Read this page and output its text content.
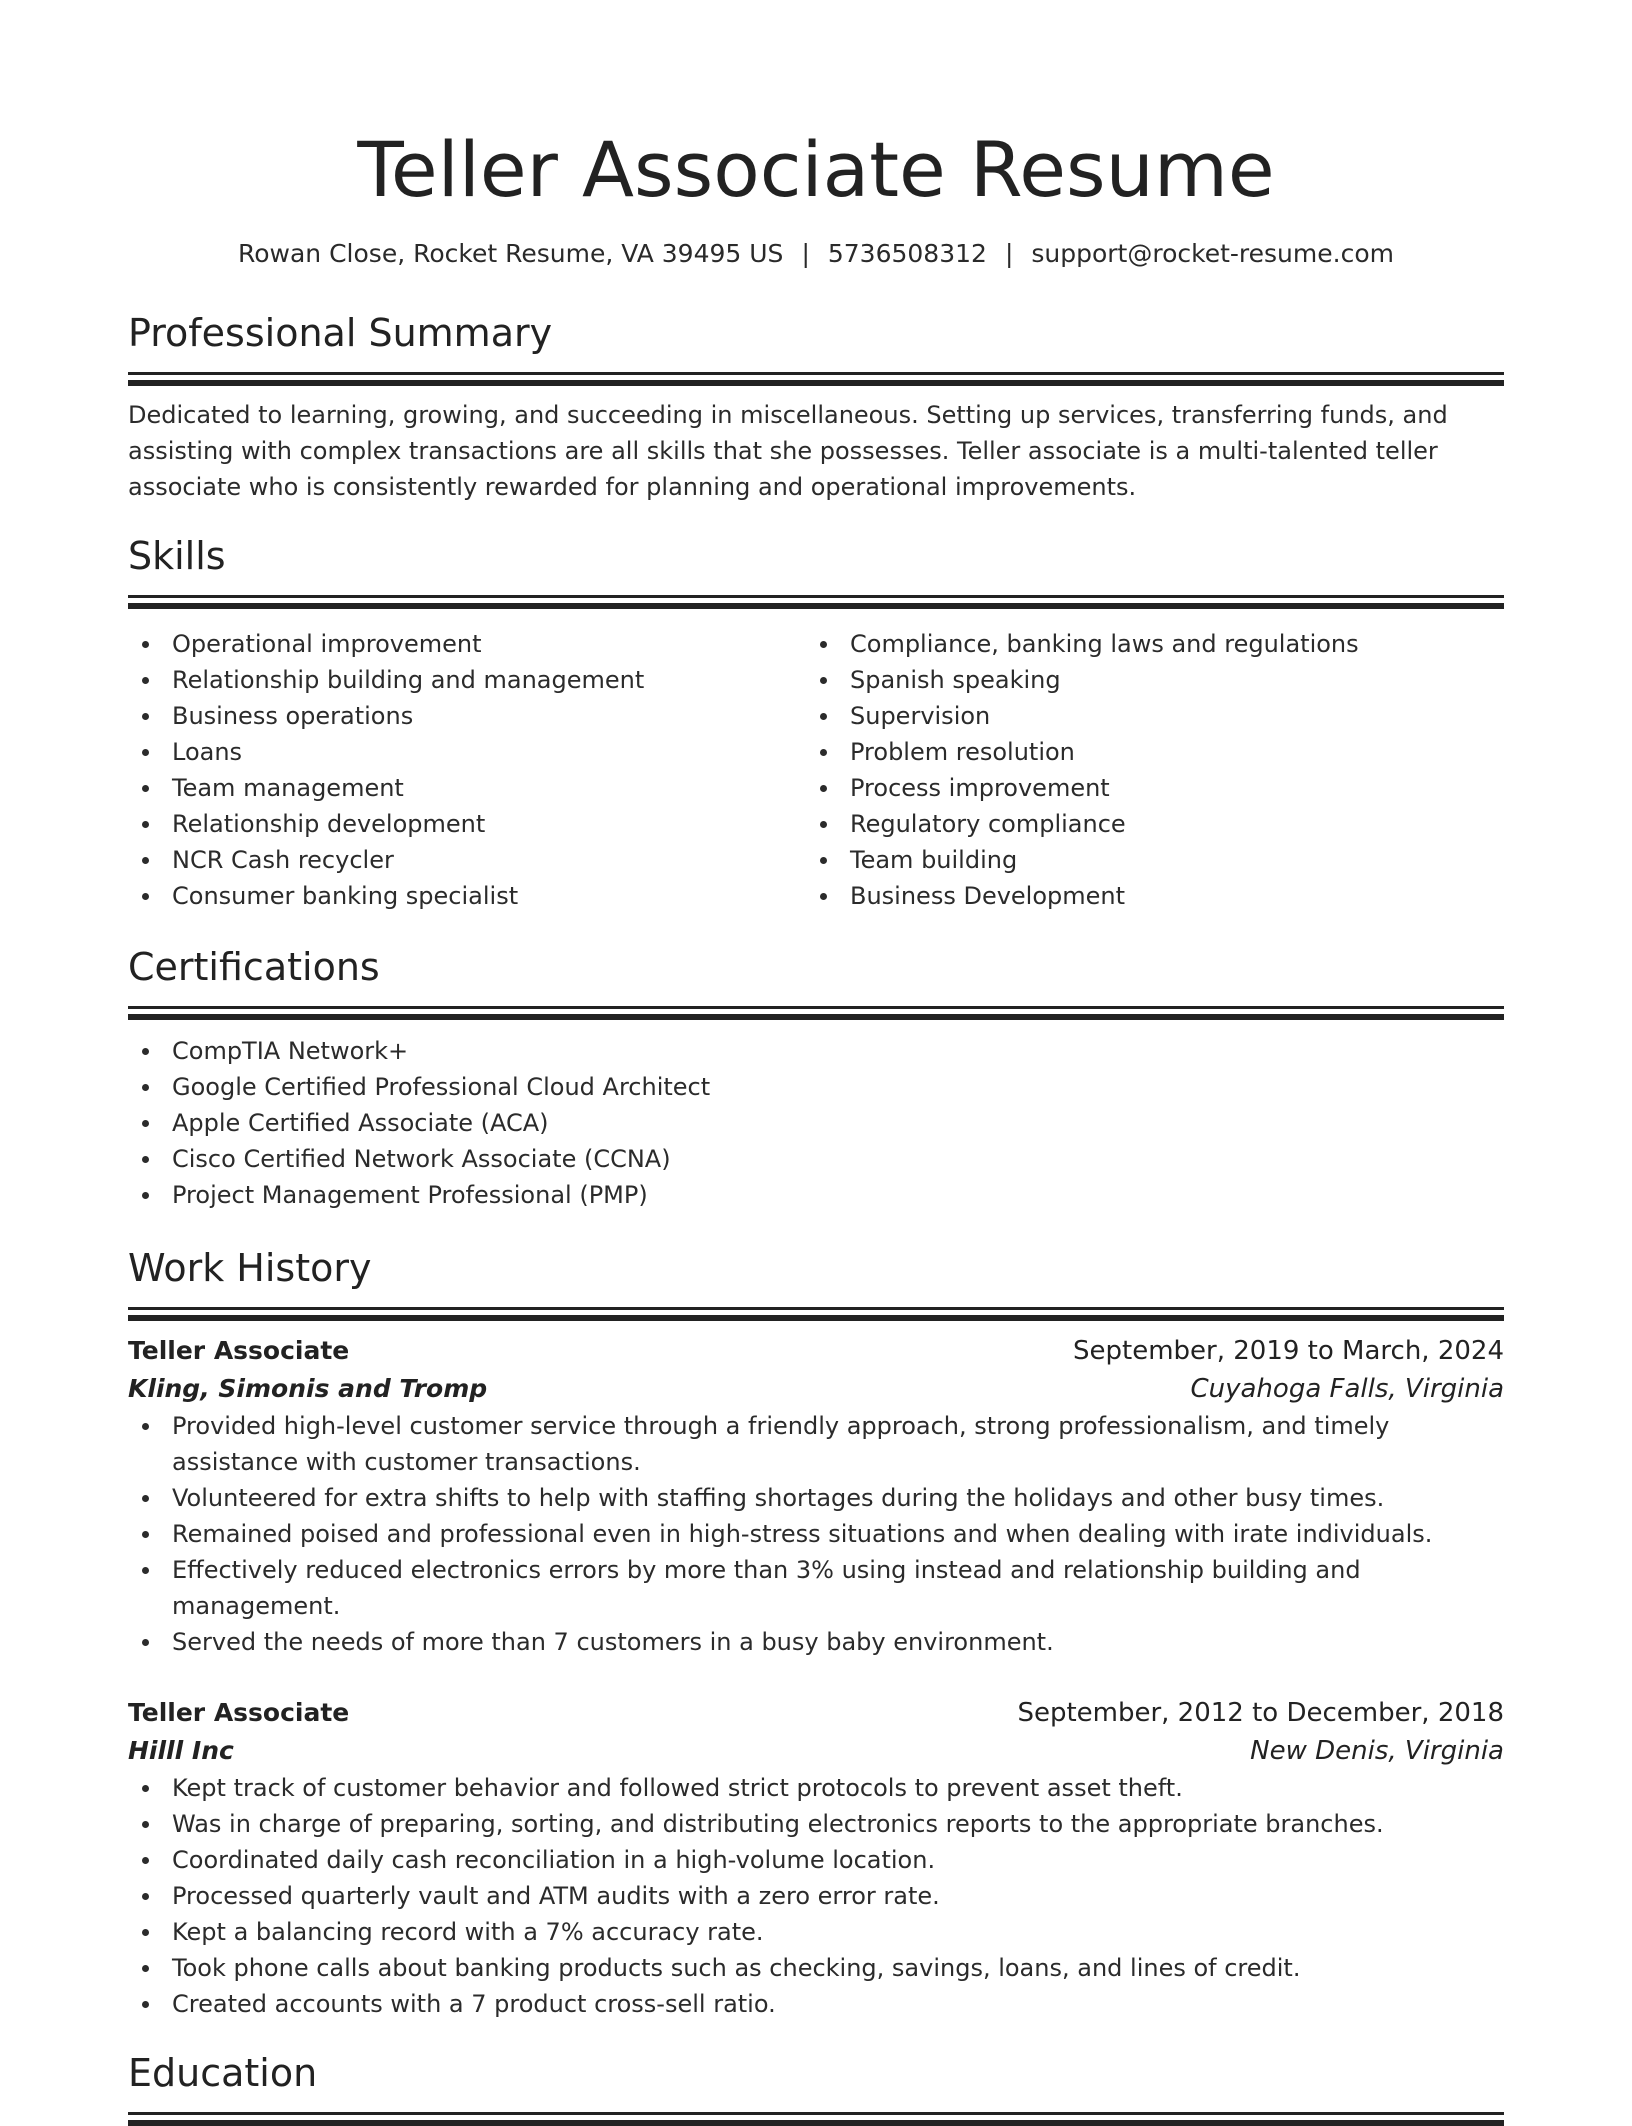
Teller Associate Resume
Rowan Close, Rocket Resume, VA 39495 US | 5736508312 | support@rocket-resume.com
Professional Summary
Dedicated to learning, growing, and succeeding in miscellaneous. Setting up services, transferring funds, and assisting with complex transactions are all skills that she possesses. Teller associate is a multi-talented teller associate who is consistently rewarded for planning and operational improvements.
Skills
Operational improvement
Relationship building and management
Business operations
Loans
Team management
Relationship development
NCR Cash recycler
Consumer banking specialist
Compliance, banking laws and regulations
Spanish speaking
Supervision
Problem resolution
Process improvement
Regulatory compliance
Team building
Business Development
Certifications
CompTIA Network+
Google Certified Professional Cloud Architect
Apple Certified Associate (ACA)
Cisco Certified Network Associate (CCNA)
Project Management Professional (PMP)
Work History
Teller Associate	September, 2019 to March, 2024
Kling, Simonis and Tromp	Cuyahoga Falls, Virginia
Provided high-level customer service through a friendly approach, strong professionalism, and timely assistance with customer transactions.
Volunteered for extra shifts to help with staffing shortages during the holidays and other busy times.
Remained poised and professional even in high-stress situations and when dealing with irate individuals.
Effectively reduced electronics errors by more than 3% using instead and relationship building and management.
Served the needs of more than 7 customers in a busy baby environment.
Teller Associate	September, 2012 to December, 2018
Hilll Inc	New Denis, Virginia
Kept track of customer behavior and followed strict protocols to prevent asset theft.
Was in charge of preparing, sorting, and distributing electronics reports to the appropriate branches.
Coordinated daily cash reconciliation in a high-volume location.
Processed quarterly vault and ATM audits with a zero error rate.
Kept a balancing record with a 7% accuracy rate.
Took phone calls about banking products such as checking, savings, loans, and lines of credit.
Created accounts with a 7 product cross-sell ratio.
Education
